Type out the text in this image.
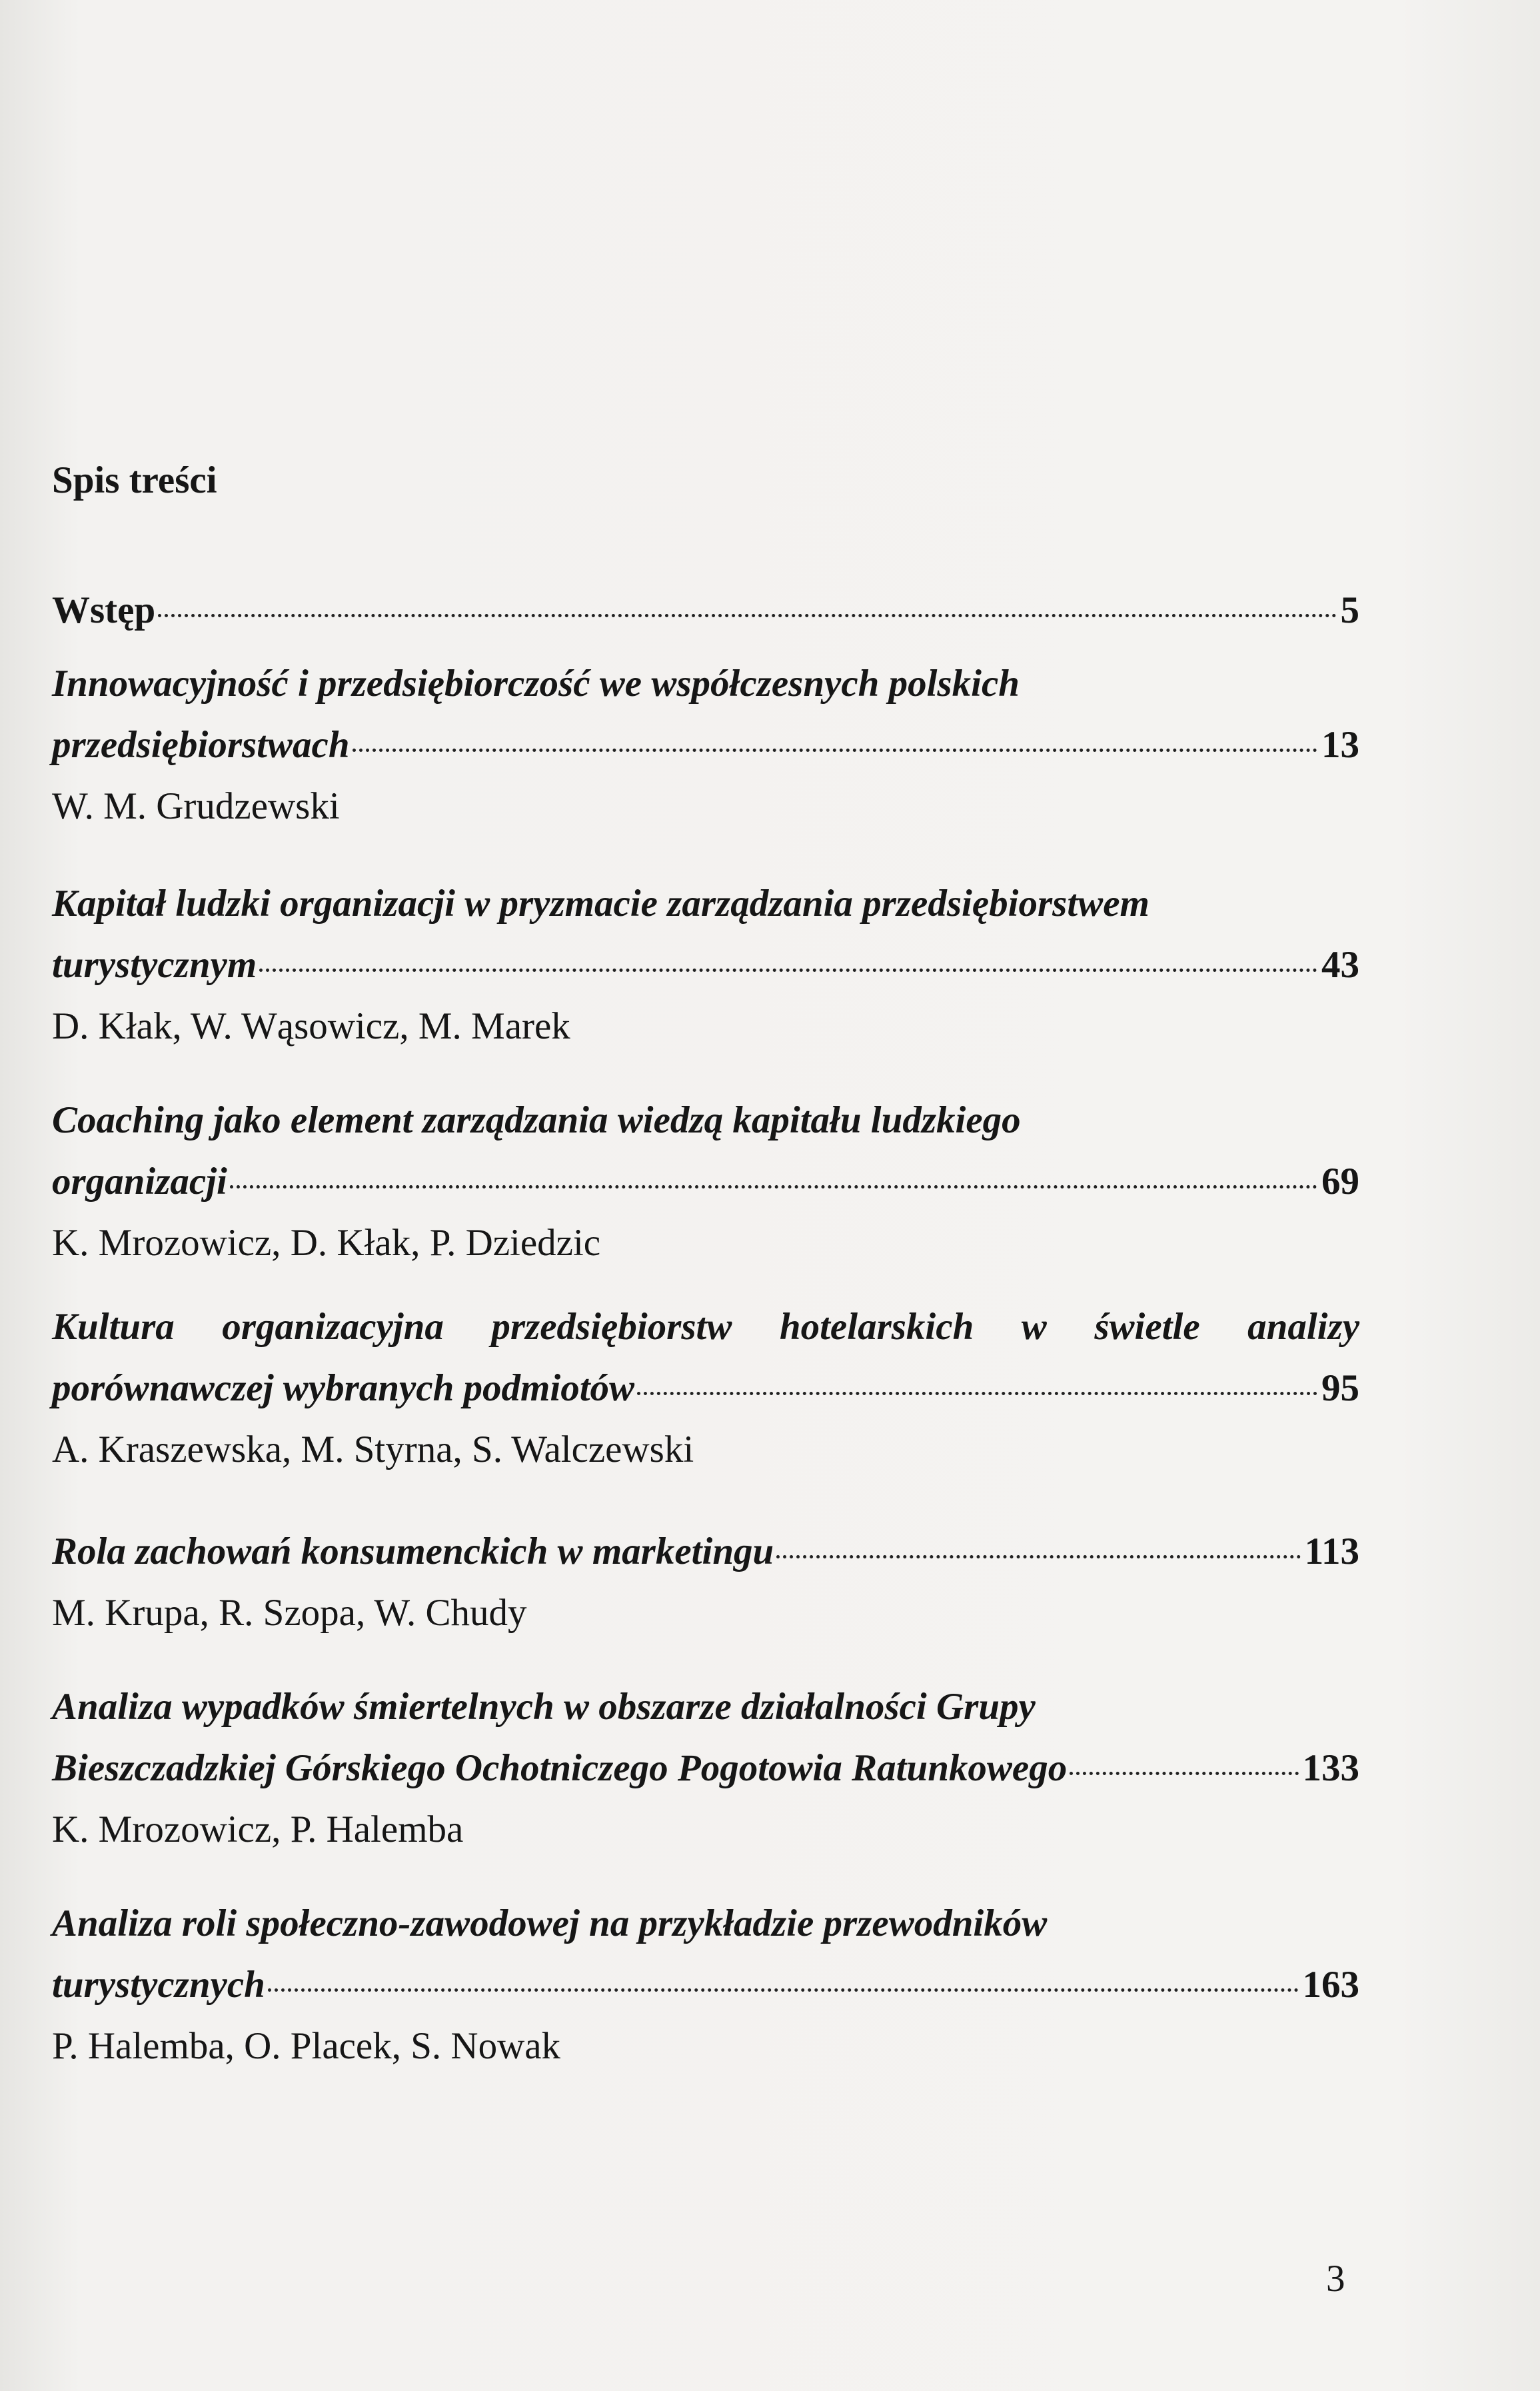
Spis treści
Wstęp	5
Innowacyjność i przedsiębiorczość we współczesnych polskich
przedsiębiorstwach	13
W. M. Grudzewski
Kapitał ludzki organizacji w pryzmacie zarządzania przedsiębiorstwem
turystycznym	43
D. Kłak, W. Wąsowicz, M. Marek
Coaching jako element zarządzania wiedzą kapitału ludzkiego
organizacji	69
K. Mrozowicz, D. Kłak, P. Dziedzic
Kultura organizacyjna przedsiębiorstw hotelarskich w świetle analizy
porównawczej wybranych podmiotów	95
A. Kraszewska, M. Styrna, S. Walczewski
Rola zachowań konsumenckich w marketingu	113
M. Krupa, R. Szopa, W. Chudy
Analiza wypadków śmiertelnych w obszarze działalności Grupy
Bieszczadzkiej Górskiego Ochotniczego Pogotowia Ratunkowego	133
K. Mrozowicz, P. Halemba
Analiza roli społeczno-zawodowej na przykładzie przewodników
turystycznych	163
P. Halemba, O. Placek, S. Nowak
3
